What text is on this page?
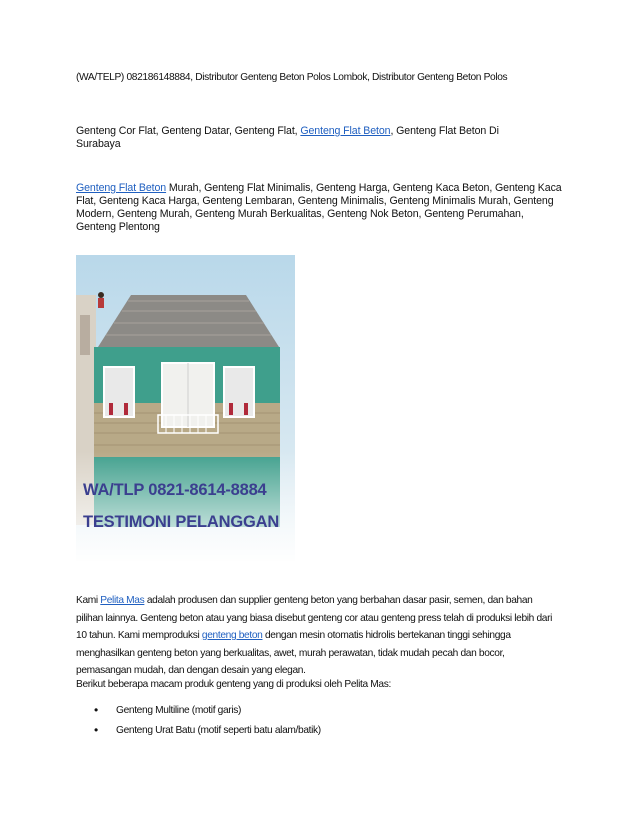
(WA/TELP) 082186148884, Distributor Genteng Beton Polos Lombok, Distributor Genteng Beton Polos
Genteng Cor Flat, Genteng Datar, Genteng Flat, Genteng Flat Beton, Genteng Flat Beton Di Surabaya
Genteng Flat Beton Murah, Genteng Flat Minimalis, Genteng Harga, Genteng Kaca Beton, Genteng Kaca Flat, Genteng Kaca Harga, Genteng Lembaran, Genteng Minimalis, Genteng Minimalis Murah, Genteng Modern, Genteng Murah, Genteng Murah Berkualitas, Genteng Nok Beton, Genteng Perumahan, Genteng Plentong
WA/TLP 0821-8614-8884
TESTIMONI PELANGGAN
Kami Pelita Mas adalah produsen dan supplier genteng beton yang berbahan dasar pasir, semen, dan bahan pilihan lainnya. Genteng beton atau yang biasa disebut genteng cor atau genteng press telah di produksi lebih dari 10 tahun. Kami memproduksi genteng beton dengan mesin otomatis hidrolis bertekanan tinggi sehingga menghasilkan genteng beton yang berkualitas, awet, murah perawatan, tidak mudah pecah dan bocor, pemasangan mudah, dan dengan desain yang elegan.
Berikut beberapa macam produk genteng yang di produksi oleh Pelita Mas:
• Genteng Multiline (motif garis)
• Genteng Urat Batu (motif seperti batu alam/batik)
